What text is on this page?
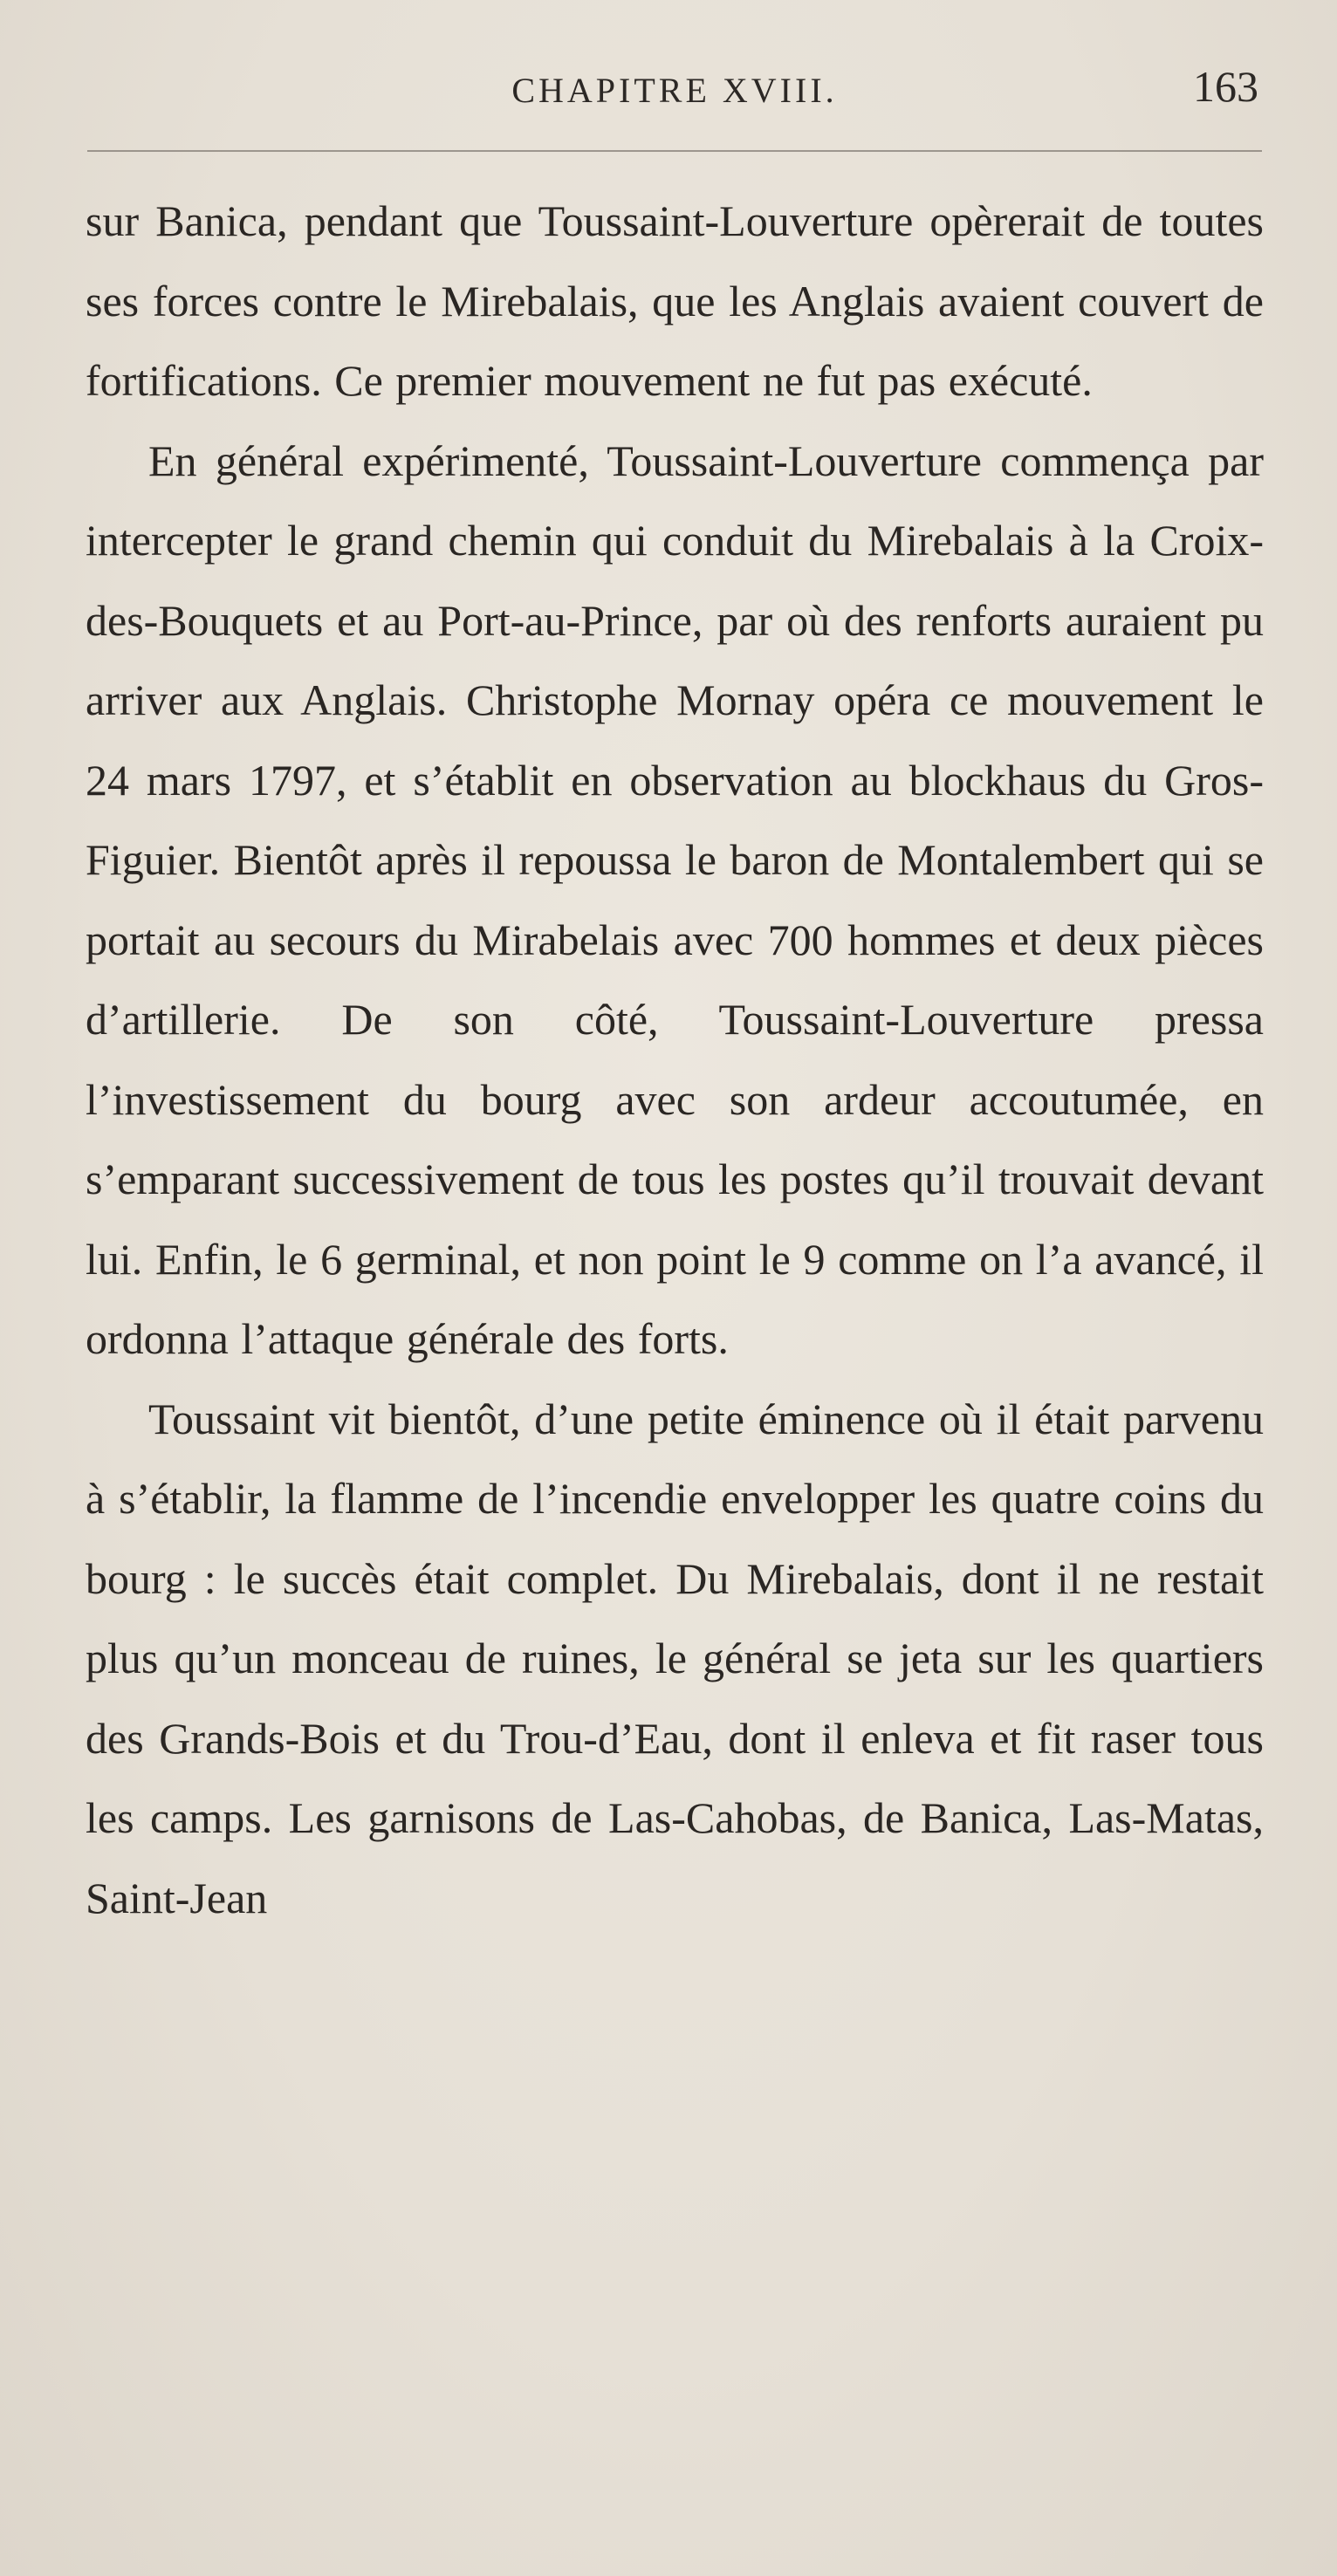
CHAPITRE XVIII.	163

sur Banica, pendant que Toussaint-Louverture opèrerait de toutes ses forces contre le Mirebalais, que les Anglais avaient couvert de fortifications. Ce premier mouvement ne fut pas exécuté.

En général expérimenté, Toussaint-Louverture commença par intercepter le grand chemin qui conduit du Mirebalais à la Croix-des-Bouquets et au Port-au-Prince, par où des renforts auraient pu arriver aux Anglais. Christophe Mornay opéra ce mouvement le 24 mars 1797, et s’établit en observation au blockhaus du Gros-Figuier. Bientôt après il repoussa le baron de Montalembert qui se portait au secours du Mirabelais avec 700 hommes et deux pièces d’artillerie. De son côté, Toussaint-Louverture pressa l’investissement du bourg avec son ardeur accoutumée, en s’emparant successivement de tous les postes qu’il trouvait devant lui. Enfin, le 6 germinal, et non point le 9 comme on l’a avancé, il ordonna l’attaque générale des forts.

Toussaint vit bientôt, d’une petite éminence où il était parvenu à s’établir, la flamme de l’incendie envelopper les quatre coins du bourg : le succès était complet. Du Mirebalais, dont il ne restait plus qu’un monceau de ruines, le général se jeta sur les quartiers des Grands-Bois et du Trou-d’Eau, dont il enleva et fit raser tous les camps. Les garnisons de Las-Cahobas, de Banica, Las-Matas, Saint-Jean
